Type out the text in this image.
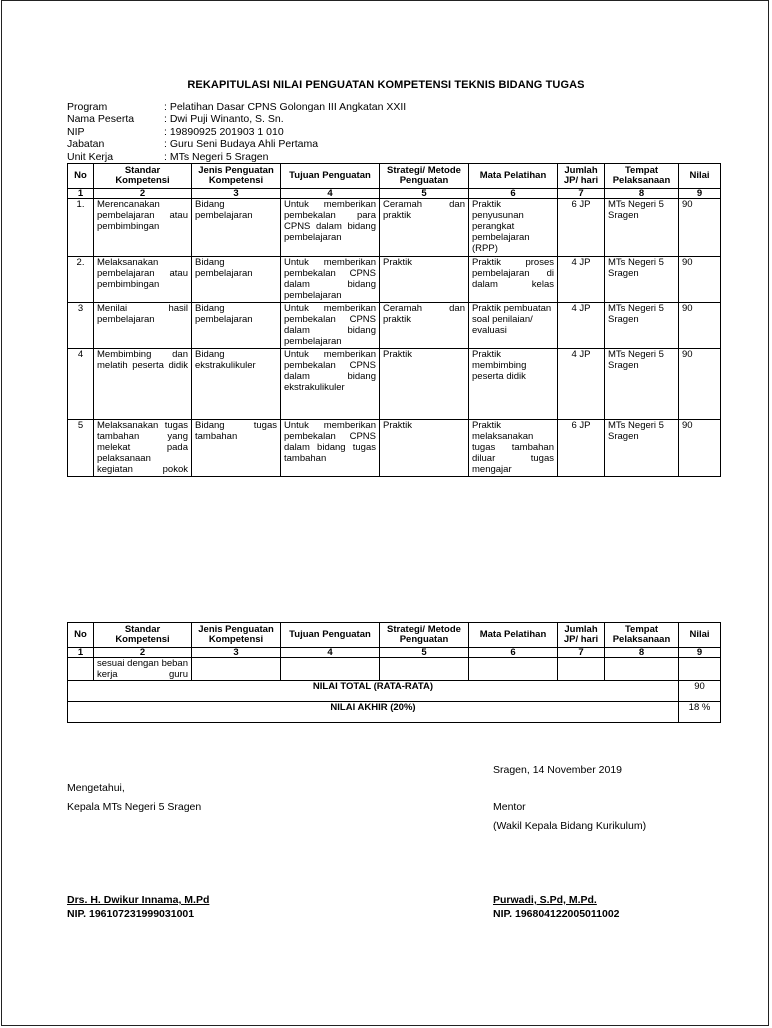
REKAPITULASI NILAI PENGUATAN KOMPETENSI TEKNIS BIDANG TUGAS
Program	: Pelatihan Dasar CPNS Golongan III Angkatan XXII
Nama Peserta	: Dwi Puji Winanto, S. Sn.
NIP	: 19890925 201903 1 010
Jabatan	: Guru Seni Budaya Ahli Pertama
Unit Kerja	: MTs Negeri 5 Sragen
No	Standar Kompetensi	Jenis Penguatan Kompetensi	Tujuan Penguatan	Strategi/ Metode Penguatan	Mata Pelatihan	Jumlah JP/ hari	Tempat Pelaksanaan	Nilai
1	2	3	4	5	6	7	8	9
1.	Merencanakan pembelajaran atau pembimbingan	Bidang pembelajaran	Untuk memberikan pembekalan para CPNS dalam bidang pembelajaran	Ceramah dan praktik	Praktik penyusunan perangkat pembelajaran (RPP)	6 JP	MTs Negeri 5 Sragen	90
2.	Melaksanakan pembelajaran atau pembimbingan	Bidang pembelajaran	Untuk memberikan pembekalan CPNS dalam bidang pembelajaran	Praktik	Praktik proses pembelajaran di dalam kelas	4 JP	MTs Negeri 5 Sragen	90
3	Menilai hasil pembelajaran	Bidang pembelajaran	Untuk memberikan pembekalan CPNS dalam bidang pembelajaran	Ceramah dan praktik	Praktik pembuatan soal penilaian/ evaluasi	4 JP	MTs Negeri 5 Sragen	90
4	Membimbing dan melatih peserta didik	Bidang ekstrakulikuler	Untuk memberikan pembekalan CPNS dalam bidang ekstrakulikuler	Praktik	Praktik membimbing peserta didik	4 JP	MTs Negeri 5 Sragen	90
5	Melaksanakan tugas tambahan yang melekat pada pelaksanaan kegiatan pokok	Bidang tugas tambahan	Untuk memberikan pembekalan CPNS dalam bidang tugas tambahan	Praktik	Praktik melaksanakan tugas tambahan diluar tugas mengajar	6 JP	MTs Negeri 5 Sragen	90
No	Standar Kompetensi	Jenis Penguatan Kompetensi	Tujuan Penguatan	Strategi/ Metode Penguatan	Mata Pelatihan	Jumlah JP/ hari	Tempat Pelaksanaan	Nilai
1	2	3	4	5	6	7	8	9
	sesuai dengan beban kerja guru							
NILAI TOTAL (RATA-RATA)								90
NILAI AKHIR (20%)								18 %
Sragen, 14 November 2019
Mengetahui,
Kepala MTs Negeri 5 Sragen	Mentor
(Wakil Kepala Bidang Kurikulum)
Drs. H. Dwikur Innama, M.Pd
NIP. 196107231999031001
Purwadi, S.Pd, M.Pd.
NIP. 196804122005011002
